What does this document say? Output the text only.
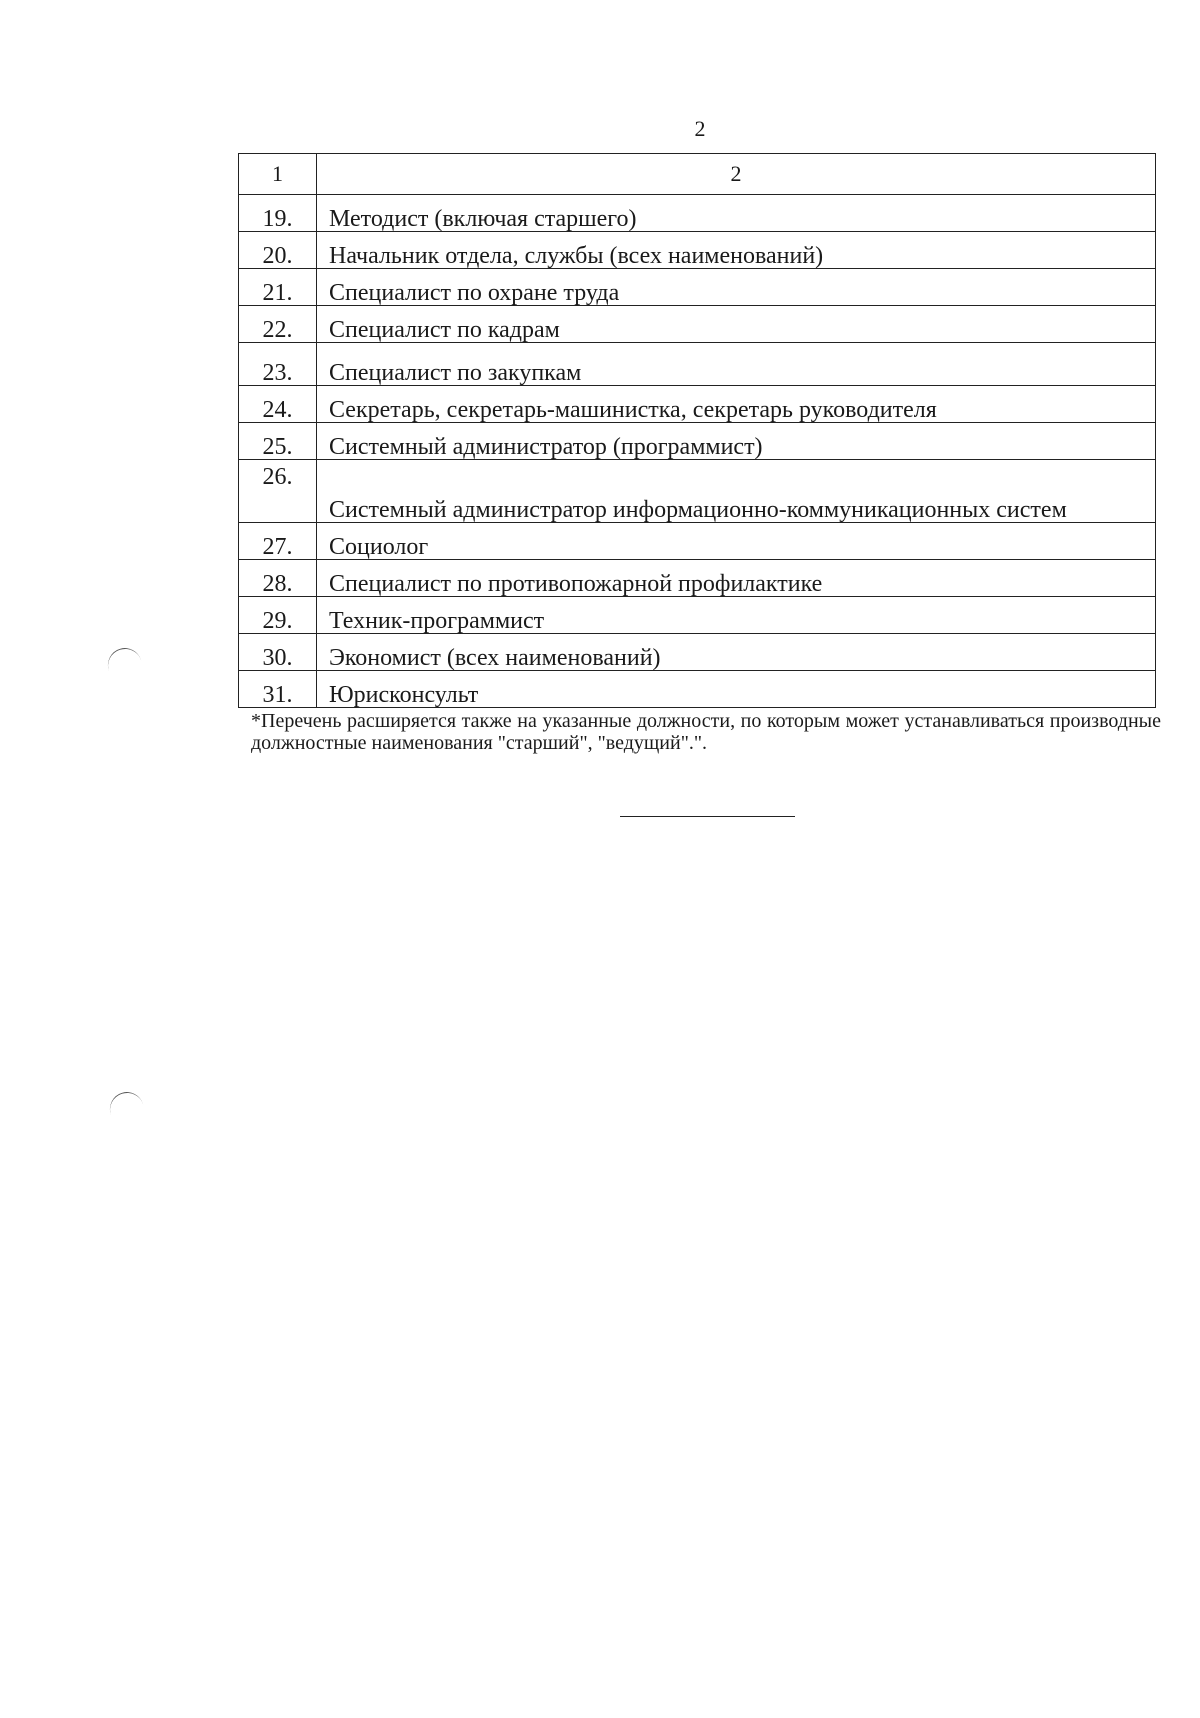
2
1	2
19.	Методист (включая старшего)
20.	Начальник отдела, службы (всех наименований)
21.	Специалист по охране труда
22.	Специалист по кадрам
23.	Специалист по закупкам
24.	Секретарь, секретарь-машинистка, секретарь руководителя
25.	Системный администратор (программист)
26.	Системный администратор информационно-коммуникационных систем
27.	Социолог
28.	Специалист по противопожарной профилактике
29.	Техник-программист
30.	Экономист (всех наименований)
31.	Юрисконсульт
*Перечень расширяется также на указанные должности, по которым может устанавливаться производные должностные наименования "старший", "ведущий".".
